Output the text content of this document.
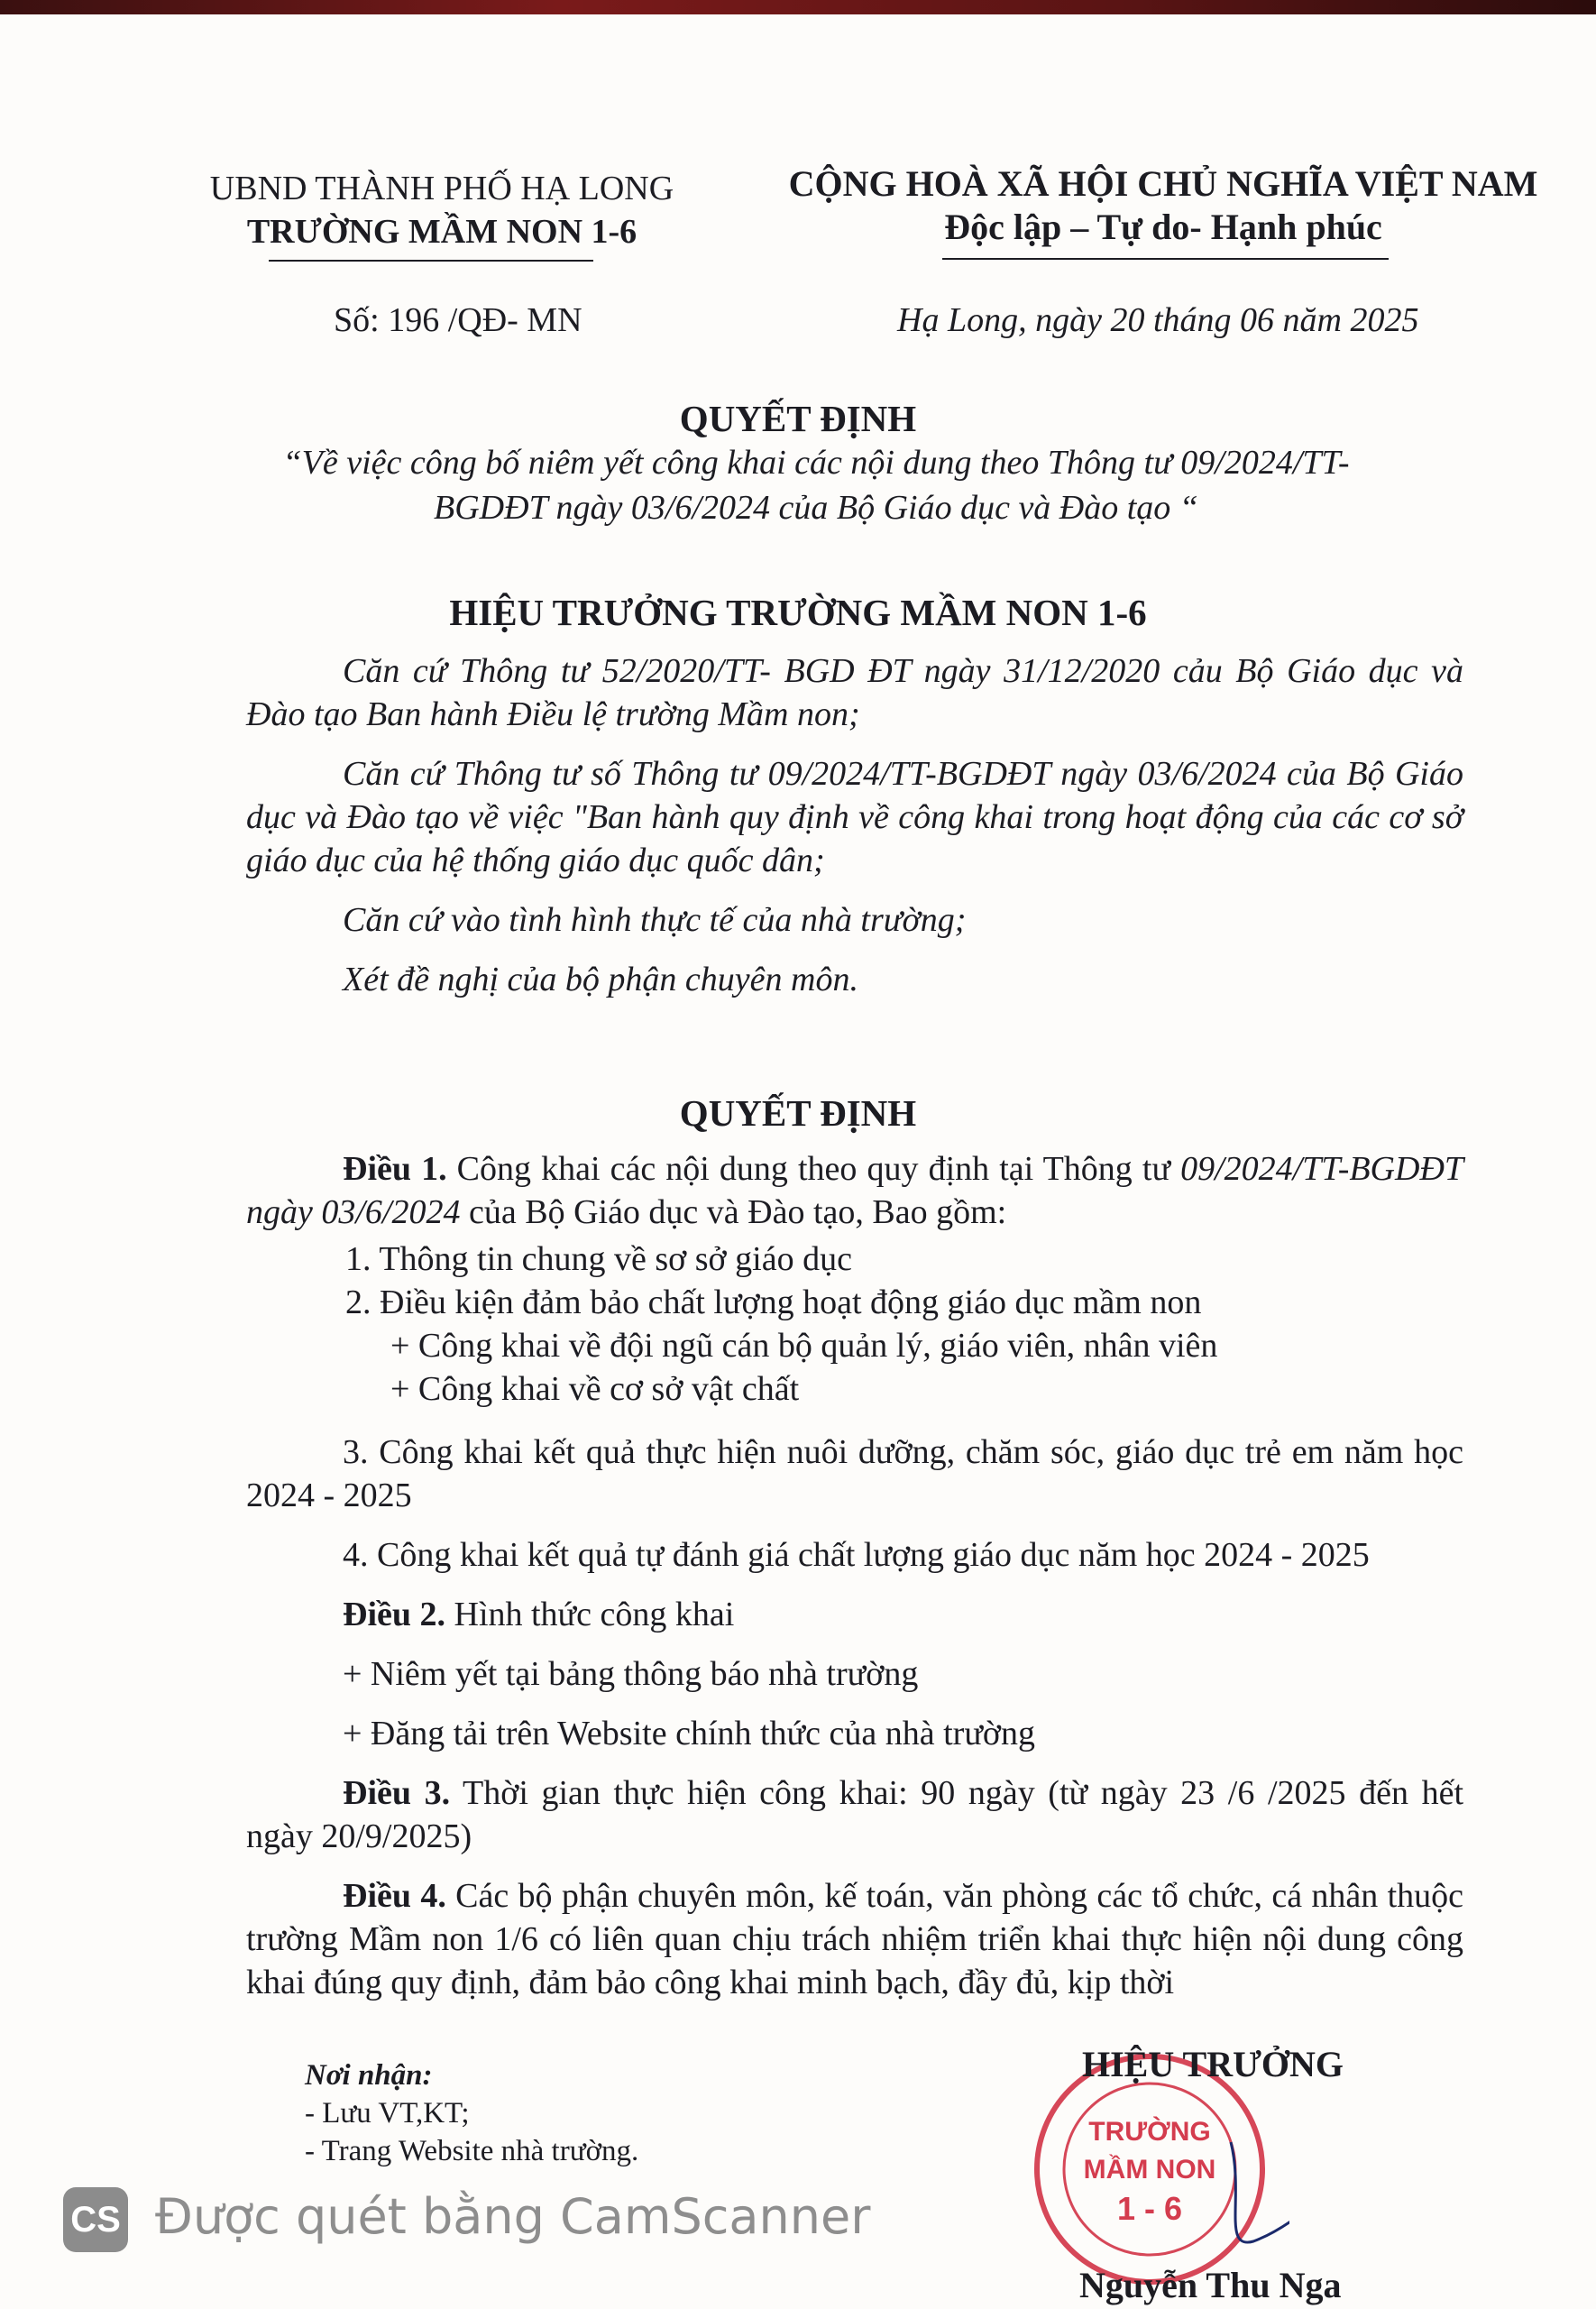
UBND THÀNH PHỐ HẠ LONG
TRƯỜNG MẦM NON 1-6
CỘNG HOÀ XÃ HỘI CHỦ NGHĨA VIỆT NAM
Độc lập – Tự do- Hạnh phúc
Số: 196 /QĐ- MN	Hạ Long, ngày 20 tháng 06 năm 2025
QUYẾT ĐỊNH
“Về việc công bố niêm yết công khai các nội dung theo Thông tư 09/2024/TT-
BGDĐT ngày 03/6/2024 của Bộ Giáo dục và Đào tạo “
HIỆU TRƯỞNG TRƯỜNG MẦM NON 1-6

Căn cứ Thông tư 52/2020/TT- BGD ĐT ngày 31/12/2020 cảu Bộ Giáo dục và Đào tạo Ban hành Điều lệ trường Mầm non;

Căn cứ Thông tư số Thông tư 09/2024/TT-BGDĐT ngày 03/6/2024 của Bộ Giáo dục và Đào tạo về việc "Ban hành quy định về công khai trong hoạt động của các cơ sở giáo dục của hệ thống giáo dục quốc dân;

Căn cứ vào tình hình thực tế của nhà trường;

Xét đề nghị của bộ phận chuyên môn.

QUYẾT ĐỊNH

Điều 1. Công khai các nội dung theo quy định tại Thông tư 09/2024/TT-BGDĐT ngày 03/6/2024 của Bộ Giáo dục và Đào tạo, Bao gồm:

1. Thông tin chung về sơ sở giáo dục

2. Điều kiện đảm bảo chất lượng hoạt động giáo dục mầm non

+ Công khai về đội ngũ cán bộ quản lý, giáo viên, nhân viên

+ Công khai về cơ sở vật chất

3. Công khai kết quả thực hiện nuôi dưỡng, chăm sóc, giáo dục trẻ em năm học 2024 - 2025

4. Công khai kết quả tự đánh giá chất lượng giáo dục năm học 2024 - 2025

Điều 2. Hình thức công khai

+ Niêm yết tại bảng thông báo nhà trường

+ Đăng tải trên Website chính thức của nhà trường

Điều 3. Thời gian thực hiện công khai: 90 ngày (từ ngày 23 /6 /2025 đến hết ngày 20/9/2025)

Điều 4. Các bộ phận chuyên môn, kế toán, văn phòng các tổ chức, cá nhân thuộc trường Mầm non 1/6 có liên quan chịu trách nhiệm triển khai thực hiện nội dung công khai đúng quy định, đảm bảo công khai minh bạch, đầy đủ, kịp thời

Nơi nhận:
- Lưu VT,KT;
- Trang Website nhà trường.
TRƯỜNG
MẦM NON
1 - 6
HIỆU TRƯỞNG
Nguyễn Thu Nga
CS Được quét bằng CamScanner
